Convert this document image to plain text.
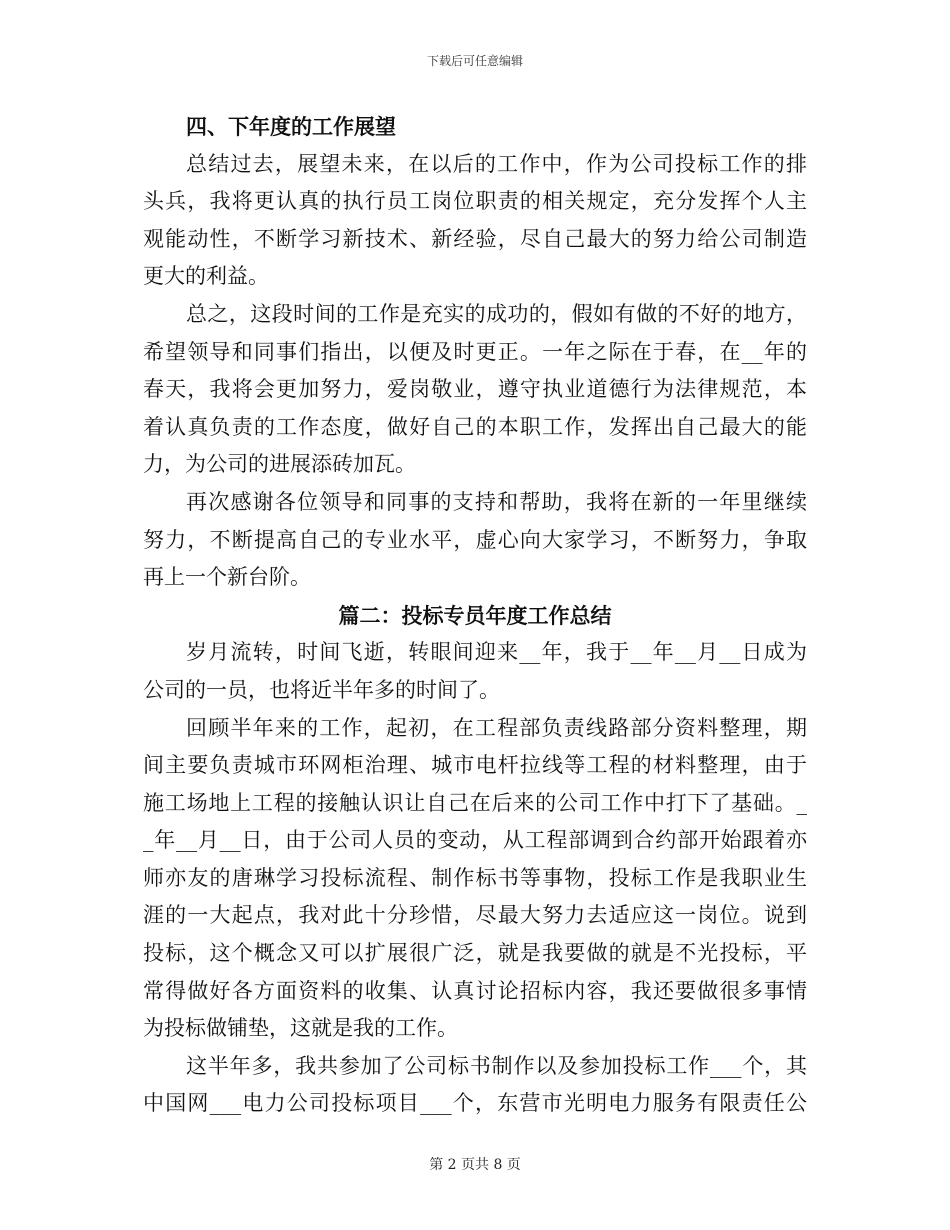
下载后可任意编辑
四、下年度的工作展望
总结过去，展望未来，在以后的工作中，作为公司投标工作的排
头兵，我将更认真的执行员工岗位职责的相关规定，充分发挥个人主
观能动性，不断学习新技术、新经验，尽自己最大的努力给公司制造
更大的利益。
总之，这段时间的工作是充实的成功的，假如有做的不好的地方，
希望领导和同事们指出，以便及时更正。一年之际在于春，在__年的
春天，我将会更加努力，爱岗敬业，遵守执业道德行为法律规范，本
着认真负责的工作态度，做好自己的本职工作，发挥出自己最大的能
力，为公司的进展添砖加瓦。
再次感谢各位领导和同事的支持和帮助，我将在新的一年里继续
努力，不断提高自己的专业水平，虚心向大家学习，不断努力，争取
再上一个新台阶。
篇二：投标专员年度工作总结
岁月流转，时间飞逝，转眼间迎来__年，我于__年__月__日成为
公司的一员，也将近半年多的时间了。
回顾半年来的工作，起初，在工程部负责线路部分资料整理，期
间主要负责城市环网柜治理、城市电杆拉线等工程的材料整理，由于
施工场地上工程的接触认识让自己在后来的公司工作中打下了基础。_
_年__月__日，由于公司人员的变动，从工程部调到合约部开始跟着亦
师亦友的唐琳学习投标流程、制作标书等事物，投标工作是我职业生
涯的一大起点，我对此十分珍惜，尽最大努力去适应这一岗位。说到
投标，这个概念又可以扩展很广泛，就是我要做的就是不光投标，平
常得做好各方面资料的收集、认真讨论招标内容，我还要做很多事情
为投标做铺垫，这就是我的工作。
这半年多，我共参加了公司标书制作以及参加投标工作___个，其
中国网___电力公司投标项目___个，东营市光明电力服务有限责任公
第 2 页共 8 页
